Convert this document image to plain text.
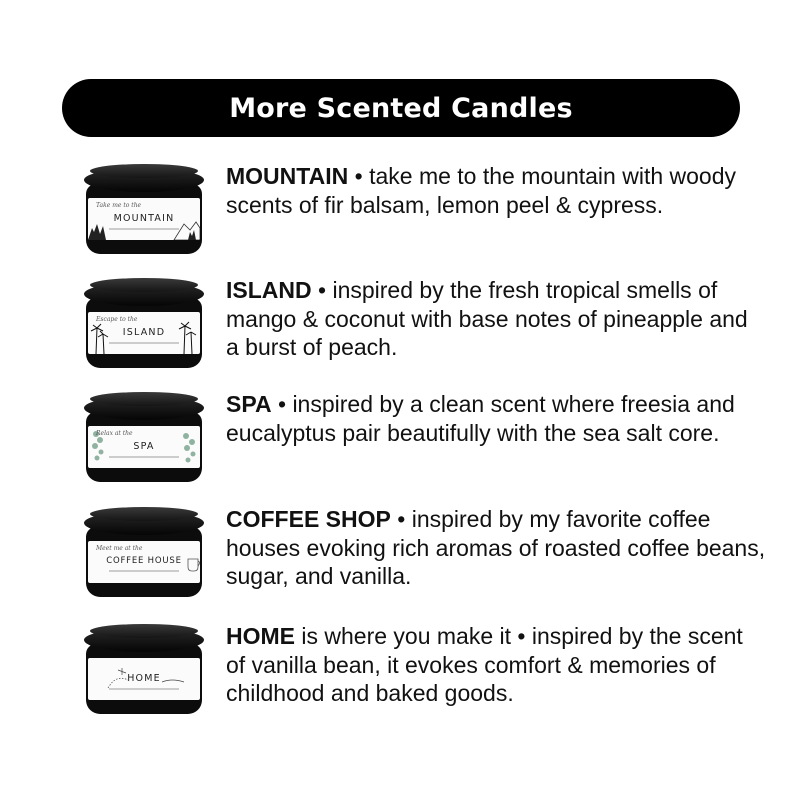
More Scented Candles
Take me to the
MOUNTAIN
MOUNTAIN • take me to the mountain with woody scents of fir balsam, lemon peel & cypress.
Escape to the
ISLAND
ISLAND • inspired by the fresh tropical smells of mango & coconut with base notes of pineapple and a burst of peach.
Relax at the
SPA
SPA • inspired by a clean scent where freesia and eucalyptus pair beautifully with the sea salt core.
Meet me at the
COFFEE HOUSE
COFFEE SHOP • inspired by my favorite coffee houses evoking rich aromas of roasted coffee beans, sugar, and vanilla.
HOME
HOME is where you make it • inspired by the scent of vanilla bean, it evokes comfort & memories of childhood and baked goods.
